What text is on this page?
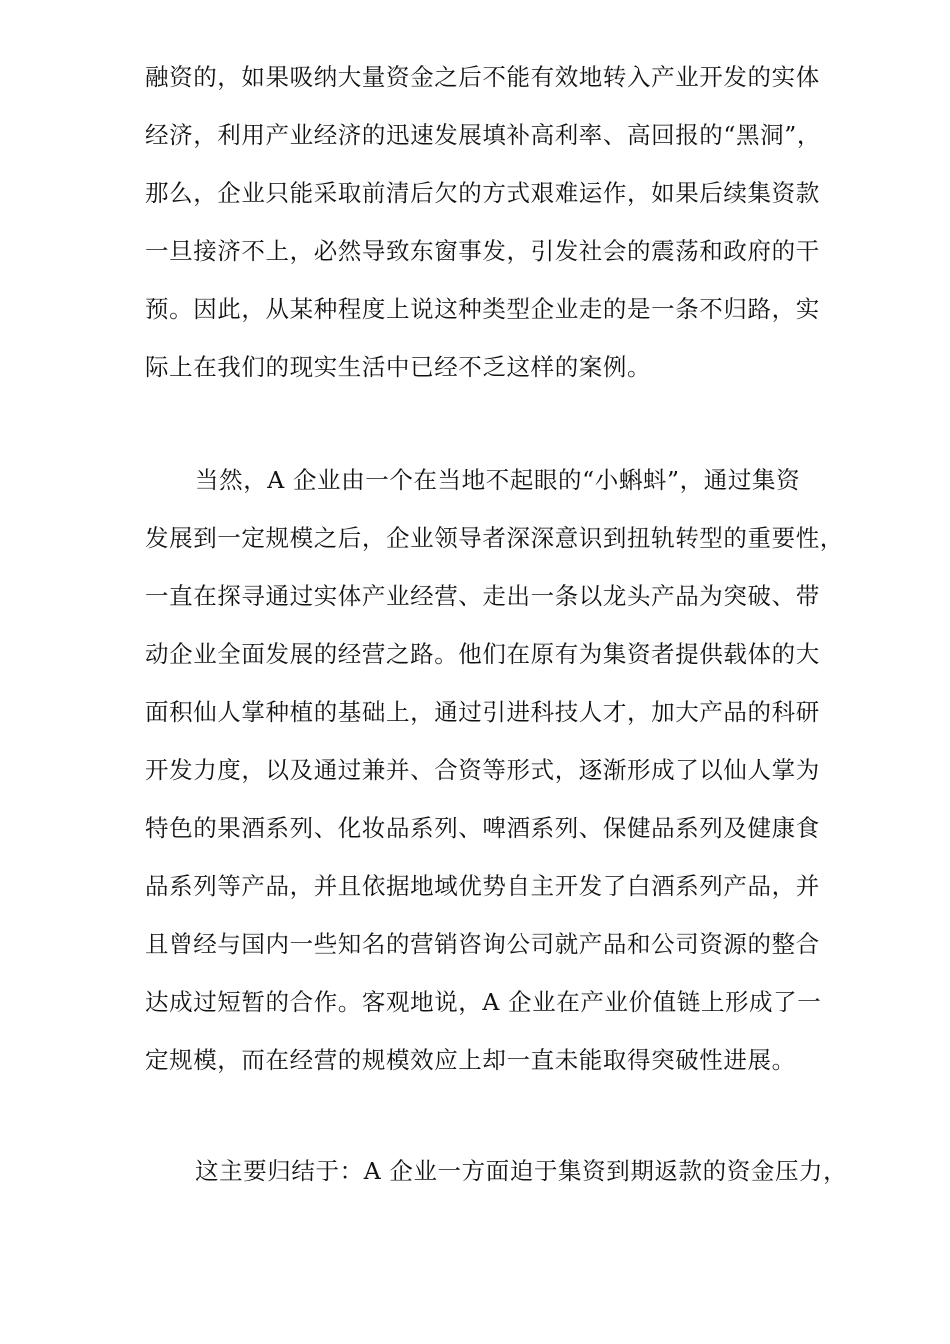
融资的，如果吸纳大量资金之后不能有效地转入产业开发的实体
经济，利用产业经济的迅速发展填补高利率、高回报的“黑洞”，
那么，企业只能采取前清后欠的方式艰难运作，如果后续集资款
一旦接济不上，必然导致东窗事发，引发社会的震荡和政府的干
预。因此，从某种程度上说这种类型企业走的是一条不归路，实
际上在我们的现实生活中已经不乏这样的案例。
当然，A 企业由一个在当地不起眼的“小蝌蚪”，通过集资
发展到一定规模之后，企业领导者深深意识到扭轨转型的重要性，
一直在探寻通过实体产业经营、走出一条以龙头产品为突破、带
动企业全面发展的经营之路。他们在原有为集资者提供载体的大
面积仙人掌种植的基础上，通过引进科技人才，加大产品的科研
开发力度，以及通过兼并、合资等形式，逐渐形成了以仙人掌为
特色的果酒系列、化妆品系列、啤酒系列、保健品系列及健康食
品系列等产品，并且依据地域优势自主开发了白酒系列产品，并
且曾经与国内一些知名的营销咨询公司就产品和公司资源的整合
达成过短暂的合作。客观地说，A 企业在产业价值链上形成了一
定规模，而在经营的规模效应上却一直未能取得突破性进展。
这主要归结于：A 企业一方面迫于集资到期返款的资金压力，
